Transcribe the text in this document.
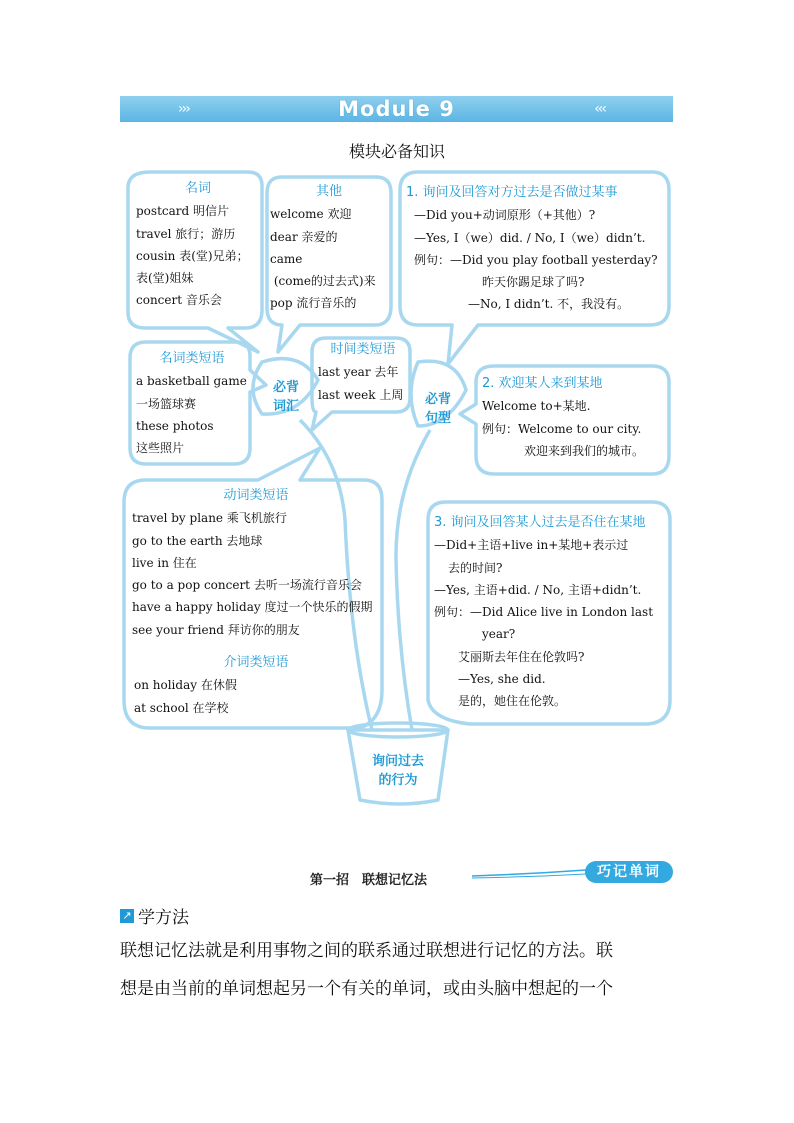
›››	Module 9	‹‹‹
模块必备知识
名词
postcard 明信片
travel 旅行；游历
cousin 表(堂)兄弟；
表(堂)姐妹
concert 音乐会
其他
welcome 欢迎
dear 亲爱的
came
(come的过去式)来
pop 流行音乐的
1. 询问及回答对方过去是否做过某事
—Did you+动词原形（+其他）?
—Yes, I（we）did. / No, I（we）didn’t.
例句：—Did you play football yesterday?
昨天你踢足球了吗?
—No, I didn’t. 不，我没有。
名词类短语
a basketball game
一场篮球赛
these photos
这些照片
时间类短语
last year 去年
last week 上周
必背
词汇	必背
句型
2. 欢迎某人来到某地
Welcome to+某地.
例句：Welcome to our city.
欢迎来到我们的城市。
动词类短语
travel by plane 乘飞机旅行
go to the earth 去地球
live in 住在
go to a pop concert 去听一场流行音乐会
have a happy holiday 度过一个快乐的假期
see your friend 拜访你的朋友
介词类短语
on holiday 在休假
at school 在学校
3. 询问及回答某人过去是否住在某地
—Did+主语+live in+某地+表示过
去的时间?
—Yes, 主语+did. / No, 主语+didn’t.
例句：—Did Alice live in London last
year?
艾丽斯去年住在伦敦吗?
—Yes, she did.
是的，她住在伦敦。
询问过去
的行为
第一招　联想记忆法
巧记单词
↗ 学方法
联想记忆法就是利用事物之间的联系通过联想进行记忆的方法。联
想是由当前的单词想起另一个有关的单词，或由头脑中想起的一个
